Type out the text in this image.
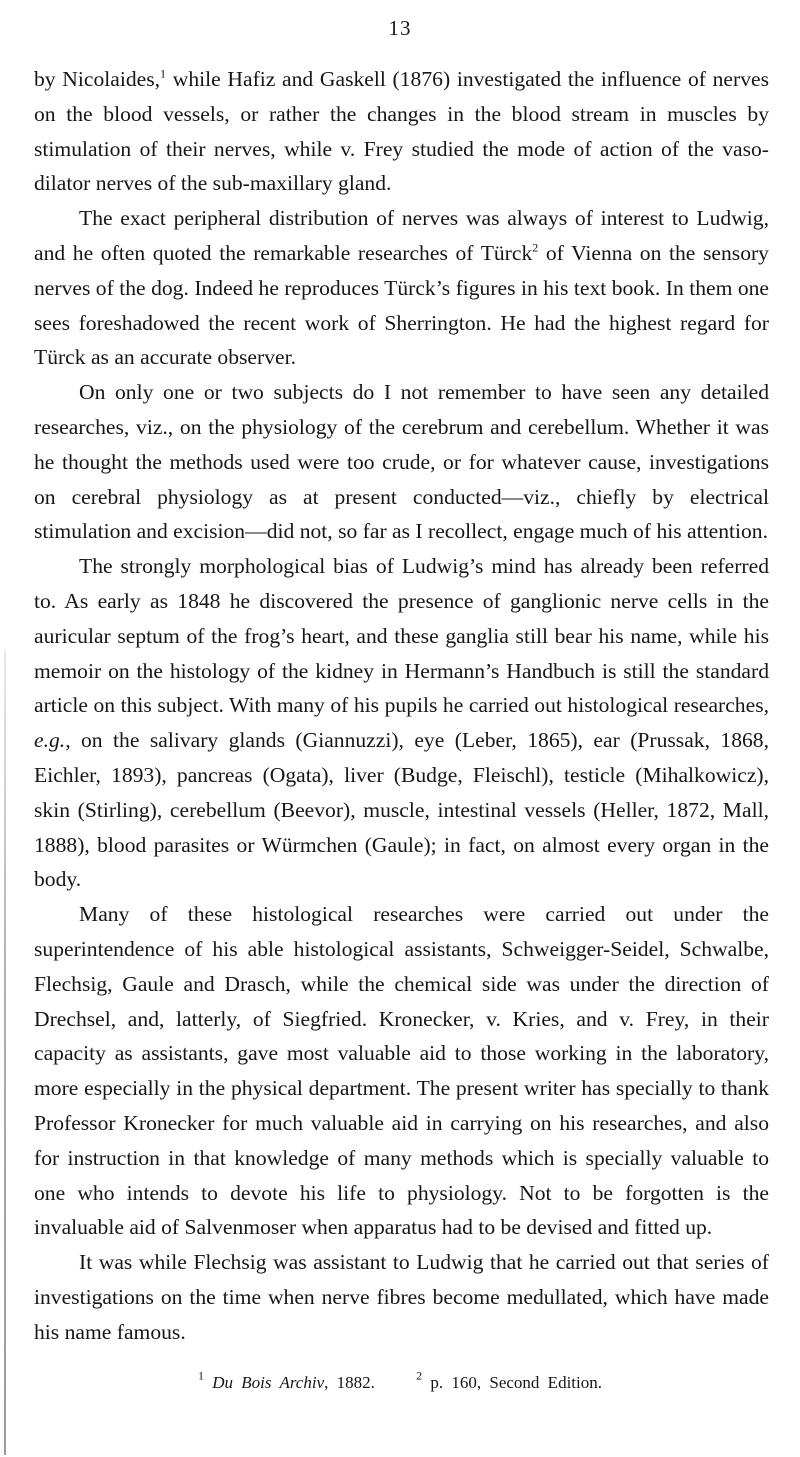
13

by Nicolaides,$^1$ while Hafiz and Gaskell (1876) investigated the influence of nerves on the blood vessels, or rather the changes in the blood stream in muscles by stimulation of their nerves, while v. Frey studied the mode of action of the vaso-dilator nerves of the sub-maxillary gland.

The exact peripheral distribution of nerves was always of interest to Ludwig, and he often quoted the remarkable researches of Türck$^2$ of Vienna on the sensory nerves of the dog. Indeed he reproduces Türck’s figures in his text book. In them one sees foreshadowed the recent work of Sherrington. He had the highest regard for Türck as an accurate observer.

On only one or two subjects do I not remember to have seen any detailed researches, viz., on the physiology of the cerebrum and cerebellum. Whether it was he thought the methods used were too crude, or for whatever cause, investigations on cerebral physiology as at present conducted—viz., chiefly by electrical stimulation and excision—did not, so far as I recollect, engage much of his attention.

The strongly morphological bias of Ludwig’s mind has already been referred to. As early as 1848 he discovered the presence of ganglionic nerve cells in the auricular septum of the frog’s heart, and these ganglia still bear his name, while his memoir on the histology of the kidney in Hermann’s Handbuch is still the standard article on this subject. With many of his pupils he carried out histological researches, e.g., on the salivary glands (Giannuzzi), eye (Leber, 1865), ear (Prussak, 1868, Eichler, 1893), pancreas (Ogata), liver (Budge, Fleischl), testicle (Mihalkowicz), skin (Stirling), cerebellum (Beevor), muscle, intestinal vessels (Heller, 1872, Mall, 1888), blood parasites or Würmchen (Gaule); in fact, on almost every organ in the body.

Many of these histological researches were carried out under the superintendence of his able histological assistants, Schweigger-Seidel, Schwalbe, Flechsig, Gaule and Drasch, while the chemical side was under the direction of Drechsel, and, latterly, of Siegfried. Kronecker, v. Kries, and v. Frey, in their capacity as assistants, gave most valuable aid to those working in the laboratory, more especially in the physical department. The present writer has specially to thank Professor Kronecker for much valuable aid in carrying on his researches, and also for instruction in that knowledge of many methods which is specially valuable to one who intends to devote his life to physiology. Not to be forgotten is the invaluable aid of Salvenmoser when apparatus had to be devised and fitted up.

It was while Flechsig was assistant to Ludwig that he carried out that series of investigations on the time when nerve fibres become medullated, which have made his name famous.

$^1$ Du Bois Archiv, 1882.	$^2$ p. 160, Second Edition.
